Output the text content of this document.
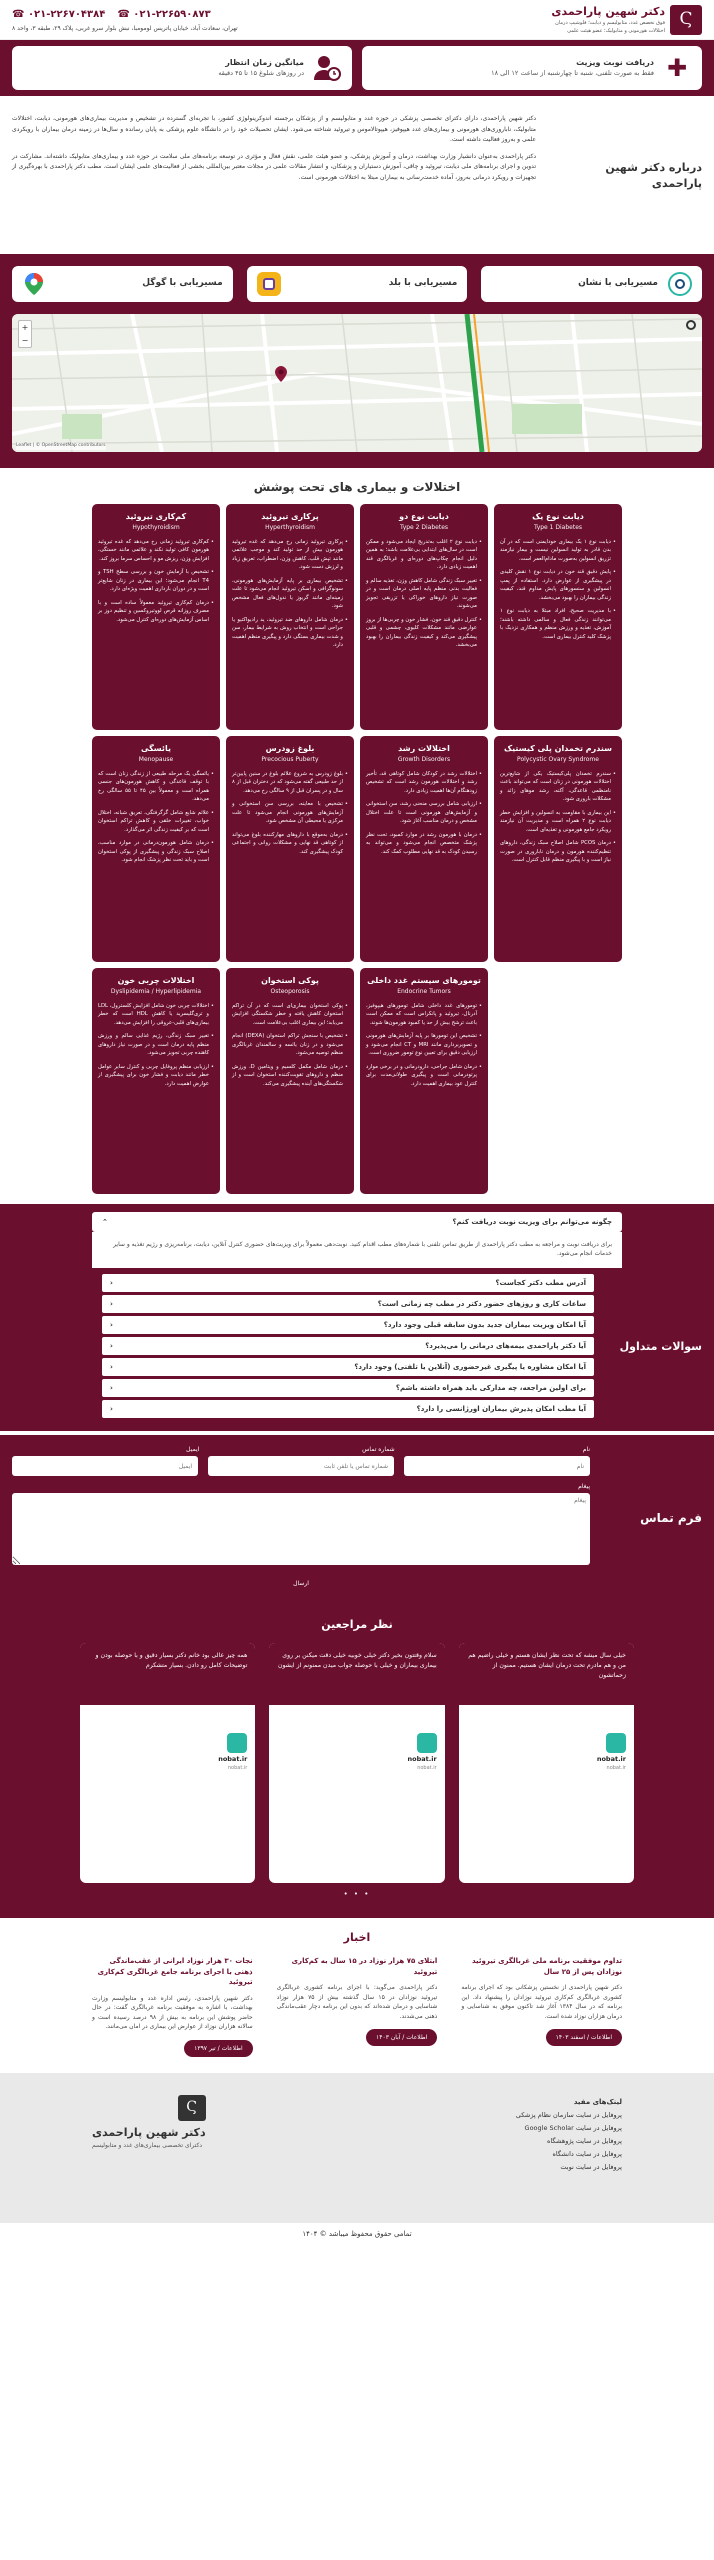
Ϛ
دکتر شهین پاراحمدی
فوق تخصص غدد، متابولیسم و دیابت؛ فلوشیپ درمان اختلالات هورمونی و متابولیک؛ عضو هیئت علمی
☎ ۰۲۱-۲۲۶۷۰۴۳۸۴ ☎ ۰۲۱-۲۲۶۵۹۰۸۷۳
تهران، سعادت آباد، خیابان پاتریس لومومبا، نبش بلوار سرو غربی، پلاک ۲۹، طبقه ۳، واحد ۸
✚
دریافت نوبت ویزیت
فقط به صورت تلفنی، شنبه تا چهارشنبه از ساعت ۱۲ الی ۱۸
میانگین زمان انتظار
در روزهای شلوغ ۱۵ تا ۴۵ دقیقه
درباره دکتر شهین پاراحمدی

دکتر شهین پاراحمدی، دارای دکترای تخصصی پزشکی در حوزه غدد و متابولیسم و از پزشکان برجسته اندوکرینولوژی کشور، با تجربه‌ای گسترده در تشخیص و مدیریت بیماری‌های هورمونی، دیابت، اختلالات متابولیک، ناباروری‌های هورمونی و بیماری‌های غدد هیپوفیز، هیپوتالاموس و تیروئید شناخته می‌شود. ایشان تحصیلات خود را در دانشگاه علوم پزشکی به پایان رسانده و سال‌ها در زمینه درمان بیماران با رویکردی علمی و به‌روز فعالیت داشته است.

دکتر پاراحمدی به‌عنوان دانشیار وزارت بهداشت، درمان و آموزش پزشکی، و عضو هیئت علمی، نقش فعال و مؤثری در توسعه برنامه‌های ملی سلامت در حوزه غدد و بیماری‌های متابولیک داشته‌اند. مشارکت در تدوین و اجرای برنامه‌های ملی دیابت، تیروئید و چاقی، آموزش دستیاران و پزشکان، و انتشار مقالات علمی در مجلات معتبر بین‌المللی بخشی از فعالیت‌های علمی ایشان است. مطب دکتر پاراحمدی با بهره‌گیری از تجهیزات و رویکرد درمانی به‌روز، آماده خدمت‌رسانی به بیماران مبتلا به اختلالات هورمونی است.

مسیریابی با نشان
مسیریابی با بلد
مسیریابی با گوگل
+
−
Leaflet | © OpenStreetMap contributors
اختلالات و بیماری های تحت پوشش
دیابت نوع یک
Type 1 Diabetes

• دیابت نوع ۱ یک بیماری خودایمنی است که در آن بدن قادر به تولید انسولین نیست و بیمار نیازمند تزریق انسولین به‌صورت مادام‌العمر است.

• پایش دقیق قند خون در دیابت نوع ۱ نقش کلیدی در پیشگیری از عوارض دارد. استفاده از پمپ انسولین و سنسورهای پایش مداوم قند، کیفیت زندگی بیماران را بهبود می‌بخشد.

• با مدیریت صحیح، افراد مبتلا به دیابت نوع ۱ می‌توانند زندگی فعال و سالمی داشته باشند؛ آموزش، تغذیه و ورزش منظم و همکاری نزدیک با پزشک کلید کنترل بیماری است.

دیابت نوع دو
Type 2 Diabetes

• دیابت نوع ۲ اغلب به‌تدریج ایجاد می‌شود و ممکن است در سال‌های ابتدایی بی‌علامت باشد؛ به همین دلیل انجام چکاپ‌های دوره‌ای و غربالگری قند اهمیت زیادی دارد.

• تغییر سبک زندگی شامل کاهش وزن، تغذیه سالم و فعالیت بدنی منظم پایه اصلی درمان است و در صورت نیاز داروهای خوراکی یا تزریقی تجویز می‌شوند.

• کنترل دقیق قند خون، فشار خون و چربی‌ها از بروز عوارضی مانند مشکلات کلیوی، چشمی و قلبی پیشگیری می‌کند و کیفیت زندگی بیماران را بهبود می‌بخشد.

پرکاری تیروئید
Hyperthyroidism

• پرکاری تیروئید زمانی رخ می‌دهد که غده تیروئید هورمون بیش از حد تولید کند و موجب علائمی مانند تپش قلب، کاهش وزن، اضطراب، تعریق زیاد و لرزش دست شود.

• تشخیص بیماری بر پایه آزمایش‌های هورمونی، سونوگرافی و اسکن تیروئید انجام می‌شود تا علت زمینه‌ای مانند گریوز یا ندول‌های فعال مشخص شود.

• درمان شامل داروهای ضد تیروئید، ید رادیواکتیو یا جراحی است و انتخاب روش به شرایط بیمار، سن و شدت بیماری بستگی دارد و پیگیری منظم اهمیت دارد.

کم‌کاری تیروئید
Hypothyroidism

• کم‌کاری تیروئید زمانی رخ می‌دهد که غده تیروئید هورمون کافی تولید نکند و علائمی مانند خستگی، افزایش وزن، ریزش مو و احساس سرما بروز کند.

• تشخیص با آزمایش خون و بررسی سطح TSH و T4 انجام می‌شود؛ این بیماری در زنان شایع‌تر است و در دوران بارداری اهمیت ویژه‌ای دارد.

• درمان کم‌کاری تیروئید معمولاً ساده است و با مصرف روزانه قرص لووتیروکسین و تنظیم دوز بر اساس آزمایش‌های دوره‌ای کنترل می‌شود.

سندرم تخمدان پلی کیستیک
Polycystic Ovary Syndrome

• سندرم تخمدان پلی‌کیستیک یکی از شایع‌ترین اختلالات هورمونی در زنان است که می‌تواند باعث نامنظمی قاعدگی، آکنه، رشد موهای زائد و مشکلات باروری شود.

• این بیماری با مقاومت به انسولین و افزایش خطر دیابت نوع ۲ همراه است و مدیریت آن نیازمند رویکرد جامع هورمونی و تغذیه‌ای است.

• درمان PCOS شامل اصلاح سبک زندگی، داروهای تنظیم‌کننده هورمون و درمان ناباروری در صورت نیاز است و با پیگیری منظم قابل کنترل است.

اختلالات رشد
Growth Disorders

• اختلالات رشد در کودکان شامل کوتاهی قد، تأخیر رشد و اختلالات هورمون رشد است که تشخیص زودهنگام آن‌ها اهمیت زیادی دارد.

• ارزیابی شامل بررسی منحنی رشد، سن استخوانی و آزمایش‌های هورمونی است تا علت اختلال مشخص و درمان مناسب آغاز شود.

• درمان با هورمون رشد در موارد کمبود، تحت نظر پزشک متخصص انجام می‌شود و می‌تواند به رسیدن کودک به قد نهایی مطلوب کمک کند.

بلوغ زودرس
Precocious Puberty

• بلوغ زودرس به شروع علائم بلوغ در سنین پایین‌تر از حد طبیعی گفته می‌شود که در دختران قبل از ۸ سال و در پسران قبل از ۹ سالگی رخ می‌دهد.

• تشخیص با معاینه، بررسی سن استخوانی و آزمایش‌های هورمونی انجام می‌شود تا علت مرکزی یا محیطی آن مشخص شود.

• درمان به‌موقع با داروهای مهارکننده بلوغ می‌تواند از کوتاهی قد نهایی و مشکلات روانی و اجتماعی کودک پیشگیری کند.

یائسگی
Menopause

• یائسگی یک مرحله طبیعی از زندگی زنان است که با توقف قاعدگی و کاهش هورمون‌های جنسی همراه است و معمولاً بین ۴۵ تا ۵۵ سالگی رخ می‌دهد.

• علائم شایع شامل گرگرفتگی، تعریق شبانه، اختلال خواب، تغییرات خلقی و کاهش تراکم استخوان است که بر کیفیت زندگی اثر می‌گذارد.

• درمان شامل هورمون‌درمانی در موارد مناسب، اصلاح سبک زندگی و پیشگیری از پوکی استخوان است و باید تحت نظر پزشک انجام شود.

تومورهای سیستم غدد داخلی
Endocrine Tumors

• تومورهای غدد داخلی شامل تومورهای هیپوفیز، آدرنال، تیروئید و پانکراس است که ممکن است باعث ترشح بیش از حد یا کمبود هورمون‌ها شوند.

• تشخیص این تومورها بر پایه آزمایش‌های هورمونی و تصویربرداری مانند MRI و CT انجام می‌شود و ارزیابی دقیق برای تعیین نوع تومور ضروری است.

• درمان شامل جراحی، دارودرمانی و در برخی موارد پرتودرمانی است و پیگیری طولانی‌مدت برای کنترل عود بیماری اهمیت دارد.

پوکی استخوان
Osteoporosis

• پوکی استخوان بیماری‌ای است که در آن تراکم استخوان کاهش یافته و خطر شکستگی افزایش می‌یابد؛ این بیماری اغلب بی‌علامت است.

• تشخیص با سنجش تراکم استخوان (DEXA) انجام می‌شود و در زنان یائسه و سالمندان غربالگری منظم توصیه می‌شود.

• درمان شامل مکمل کلسیم و ویتامین D، ورزش منظم و داروهای تقویت‌کننده استخوان است و از شکستگی‌های آینده پیشگیری می‌کند.

اختلالات چربی خون
Dyslipidemia / Hyperlipidemia

• اختلالات چربی خون شامل افزایش کلسترول، LDL و تری‌گلیسرید یا کاهش HDL است که خطر بیماری‌های قلبی-عروقی را افزایش می‌دهد.

• تغییر سبک زندگی، رژیم غذایی سالم و ورزش منظم پایه درمان است و در صورت نیاز داروهای کاهنده چربی تجویز می‌شود.

• ارزیابی منظم پروفایل چربی و کنترل سایر عوامل خطر مانند دیابت و فشار خون برای پیشگیری از عوارض اهمیت دارد.

چگونه می‌توانم برای ویزیت نوبت دریافت کنم؟
⌃
برای دریافت نوبت و مراجعه به مطب دکتر پاراحمدی از طریق تماس تلفنی با شماره‌های مطب اقدام کنید. نوبت‌دهی معمولاً برای ویزیت‌های حضوری کنترل آنلاین، دیابت، برنامه‌ریزی و رژیم تغذیه و سایر خدمات انجام می‌شود.
سوالات متداول
آدرس مطب دکتر کجاست؟
‹
ساعات کاری و روزهای حضور دکتر در مطب چه زمانی است؟
‹
آیا امکان ویزیت بیماران جدید بدون سابقه قبلی وجود دارد؟
‹
آیا دکتر پاراحمدی بیمه‌های درمانی را می‌پذیرد؟
‹
آیا امکان مشاوره یا پیگیری غیرحضوری (آنلاین یا تلفنی) وجود دارد؟
‹
برای اولین مراجعه، چه مدارکی باید همراه داشته باشم؟
‹
آیا مطب امکان پذیرش بیماران اورژانسی را دارد؟
‹
فرم تماس
نام
شماره تماس
ایمیل
نام
شماره تماس یا تلفن ثابت
ایمیل
پیغام
پیغام ارسال
نظر مراجعین
خیلی سال میشه که تحت نظر ایشان هستم و خیلی راضیم هم من و هم مادرم تحت درمان ایشان هستیم. ممنون از زحماتشون
nobat.ir
nobat.ir
سلام وقتتون بخیر دکتر خیلی خوبیه خیلی دقت میکنن بر روی بیماری بیماران و خیلی با حوصله جواب میدن ممنونم از ایشون
nobat.ir
nobat.ir
همه چیز عالی بود خانم دکتر بسیار دقیق و با حوصله بودن و توضیحات کامل رو دادن. بسیار متشکرم
nobat.ir
nobat.ir
• • •
اخبار
تداوم موفقیت برنامه ملی غربالگری تیروئید نوزادان پس از ۲۵ سال
دکتر شهین پاراحمدی از نخستین پزشکانی بود که اجرای برنامه کشوری غربالگری کم‌کاری تیروئید نوزادان را پیشنهاد داد. این برنامه که در سال ۱۳۸۴ آغاز شد تاکنون موفق به شناسایی و درمان هزاران نوزاد شده است.
اطلاعات / اسفند ۱۴۰۳
ابتلای ۷۵ هزار نوزاد در ۱۵ سال به کم‌کاری تیروئید
دکتر پاراحمدی می‌گوید: با اجرای برنامه کشوری غربالگری تیروئید نوزادان در ۱۵ سال گذشته بیش از ۷۵ هزار نوزاد شناسایی و درمان شده‌اند که بدون این برنامه دچار عقب‌ماندگی ذهنی می‌شدند.
اطلاعات / آبان ۱۴۰۳
نجات ۳۰ هزار نوزاد ایرانی از عقب‌ماندگی ذهنی با اجرای برنامه جامع غربالگری کم‌کاری تیروئید
دکتر شهین پاراحمدی، رئیس اداره غدد و متابولیسم وزارت بهداشت، با اشاره به موفقیت برنامه غربالگری گفت: در حال حاضر پوشش این برنامه به بیش از ۹۸ درصد رسیده است و سالانه هزاران نوزاد از عوارض این بیماری در امان می‌مانند.
اطلاعات / تیر ۱۳۹۷
لینک‌های مفید
پروفایل در سایت سازمان نظام پزشکی
پروفایل در سایت Google Scholar
پروفایل در سایت پژوهشگاه
پروفایل در سایت دانشگاه
پروفایل در سایت نوبت
Ϛ
دکتر شهین پاراحمدی
دکترای تخصصی بیماری‌های غدد و متابولیسم
تمامی حقوق محفوظ میباشد © ۱۴۰۴
